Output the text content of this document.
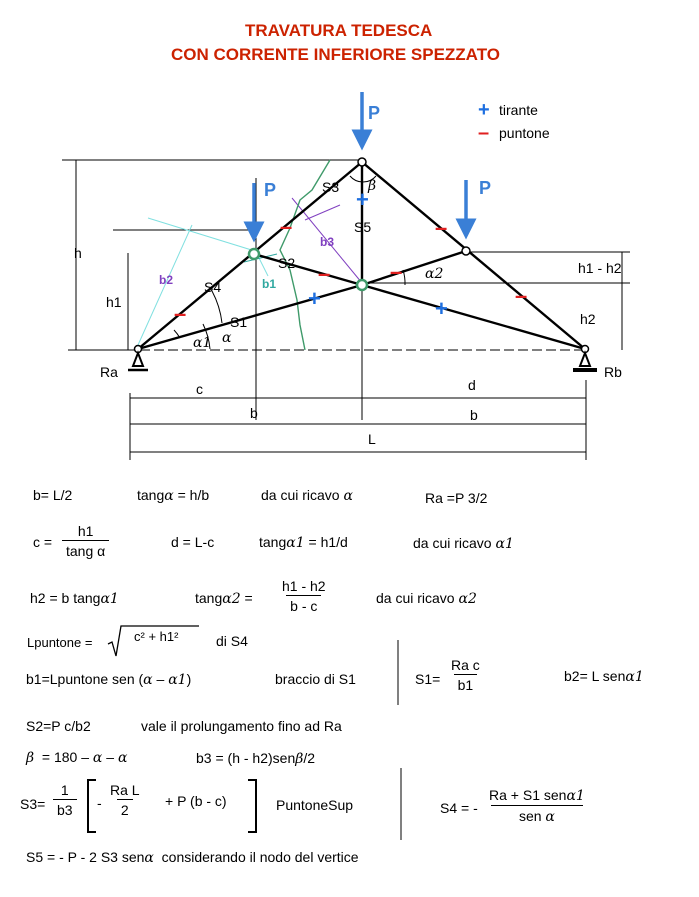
P
P	P
S3
S5
S2
S4
S1
b1
b2
b3
–
–
+
–
–
–
+	+
–
β
α2
α1 α
h
h1
h1 - h2
h2
Ra	Rb
c	d
b	b
L
+ tirante
– puntone
TRAVATURA TEDESCA
CON CORRENTE INFERIORE SPEZZATO
b= L/2	tangα = h/b	da cui ricavo α	Ra =P 3/2
$c = \frac{h1}{\text{tang α}}$	d = L-c	tangα1 = h1/d	da cui ricavo α1
h2 = b tangα1	$\tan g\alpha 2 = \frac{h1 - h2}{b - c}$	da cui ricavo α2
Lpuntone =	c² + h1²	di S4
b1=Lpuntone sen (α – α1)	braccio di S1	$S1= \frac{\text{Ra c}}{b1}$	b2= L senα1
S2=P c/b2	vale il prolungamento fino ad Ra
β = 180 – α – α	b3 = (h - h2)senβ/2
$S3= \frac{1}{b3} - \frac{\text{Ra L}}{2} + P$ (b - c)	PuntoneSup	S4 = -
Ra + S1 senα1
sen α
S5 = - P - 2 S3 senα considerando il nodo del vertice
